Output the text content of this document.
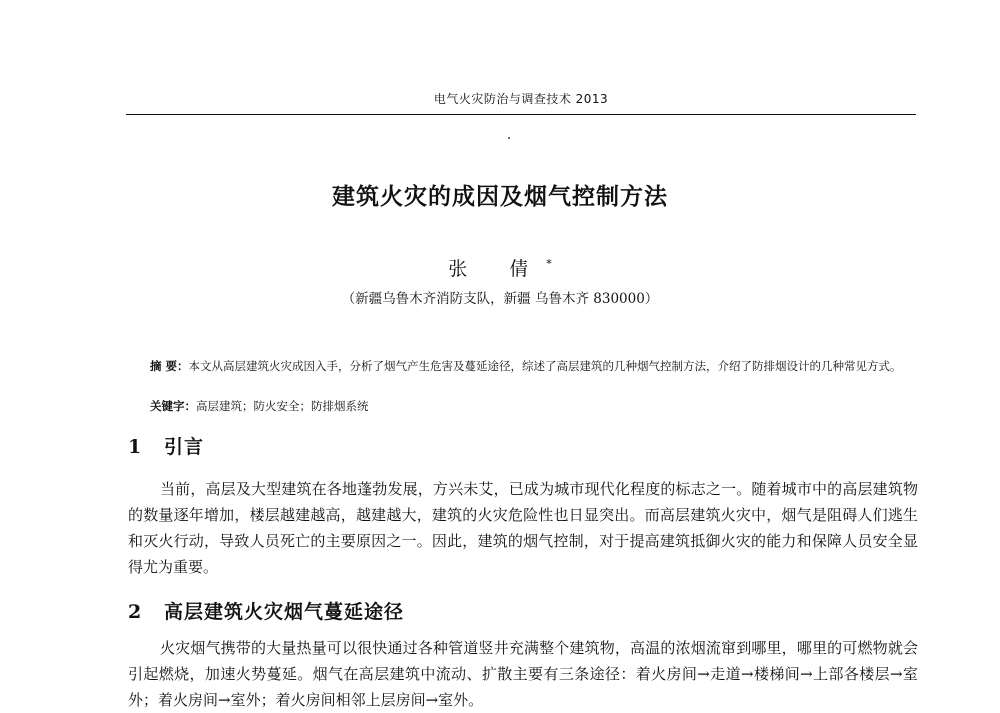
电气火灾防治与调查技术 2013
建筑火灾的成因及烟气控制方法
张 倩*
（新疆乌鲁木齐消防支队，新疆 乌鲁木齐 830000）
摘 要：本文从高层建筑火灾成因入手，分析了烟气产生危害及蔓延途径，综述了高层建筑的几种烟气控制方法，介绍了防排烟设计的几种常见方式。
关键字：高层建筑；防火安全；防排烟系统
1 引言
当前，高层及大型建筑在各地蓬勃发展，方兴未艾，已成为城市现代化程度的标志之一。随着城市中的高层建筑物的数量逐年增加，楼层越建越高，越建越大，建筑的火灾危险性也日显突出。而高层建筑火灾中，烟气是阻碍人们逃生和灭火行动，导致人员死亡的主要原因之一。因此，建筑的烟气控制，对于提高建筑抵御火灾的能力和保障人员安全显得尤为重要。
2 高层建筑火灾烟气蔓延途径
火灾烟气携带的大量热量可以很快通过各种管道竖井充满整个建筑物，高温的浓烟流窜到哪里，哪里的可燃物就会引起燃烧，加速火势蔓延。烟气在高层建筑中流动、扩散主要有三条途径：着火房间→走道→楼梯间→上部各楼层→室外；着火房间→室外；着火房间相邻上层房间→室外。
